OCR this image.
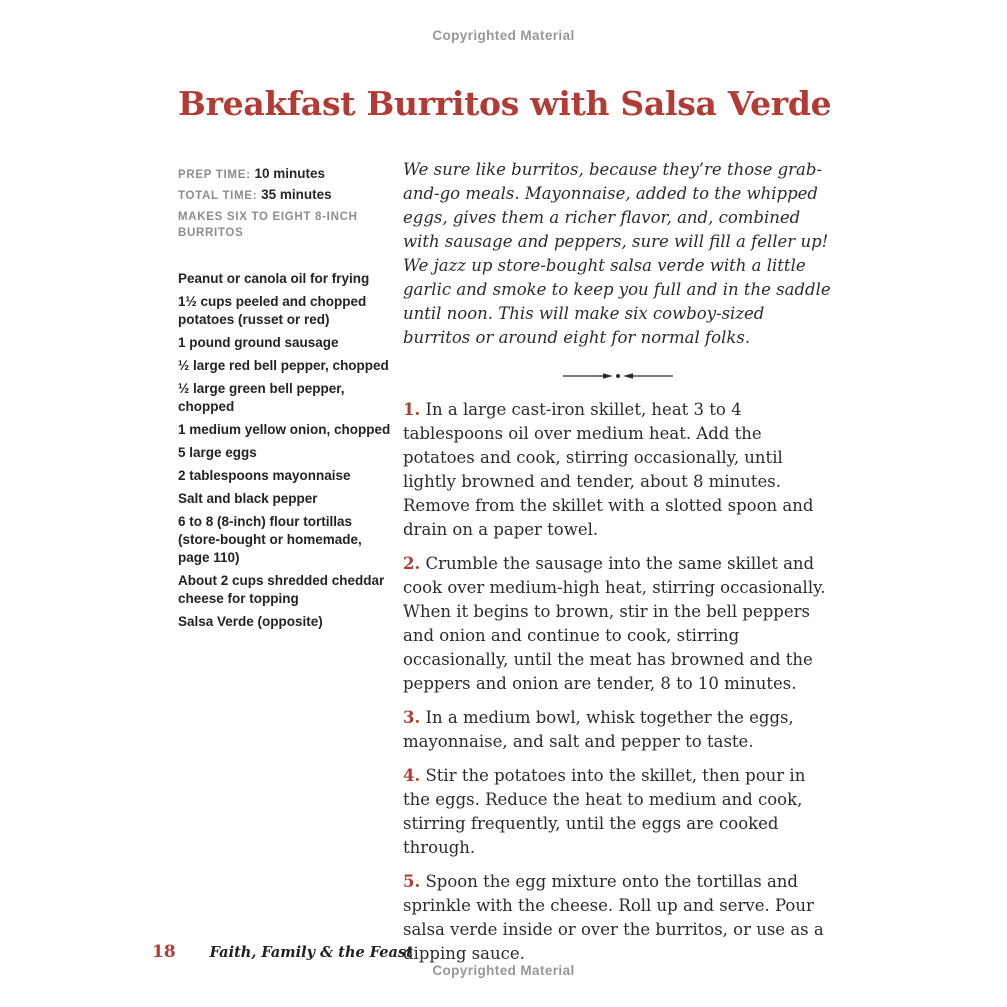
Copyrighted Material
Breakfast Burritos with Salsa Verde
PREP TIME: 10 minutes
TOTAL TIME: 35 minutes
MAKES SIX TO EIGHT 8-INCH BURRITOS
Peanut or canola oil for frying
1½ cups peeled and chopped potatoes (russet or red)
1 pound ground sausage
½ large red bell pepper, chopped
½ large green bell pepper, chopped
1 medium yellow onion, chopped
5 large eggs
2 tablespoons mayonnaise
Salt and black pepper
6 to 8 (8-inch) flour tortillas (store-bought or homemade, page 110)
About 2 cups shredded cheddar cheese for topping
Salsa Verde (opposite)

We sure like burritos, because they’re those grab-and-go meals. Mayonnaise, added to the whipped eggs, gives them a richer flavor, and, combined with sausage and peppers, sure will fill a feller up! We jazz up store-bought salsa verde with a little garlic and smoke to keep you full and in the saddle until noon. This will make six cowboy-sized burritos or around eight for normal folks.

1. In a large cast-iron skillet, heat 3 to 4 tablespoons oil over medium heat. Add the potatoes and cook, stirring occasionally, until lightly browned and tender, about 8 minutes. Remove from the skillet with a slotted spoon and drain on a paper towel.

2. Crumble the sausage into the same skillet and cook over medium-high heat, stirring occasionally. When it begins to brown, stir in the bell peppers and onion and continue to cook, stirring occasionally, until the meat has browned and the peppers and onion are tender, 8 to 10 minutes.

3. In a medium bowl, whisk together the eggs, mayonnaise, and salt and pepper to taste.

4. Stir the potatoes into the skillet, then pour in the eggs. Reduce the heat to medium and cook, stirring frequently, until the eggs are cooked through.

5. Spoon the egg mixture onto the tortillas and sprinkle with the cheese. Roll up and serve. Pour salsa verde inside or over the burritos, or use as a dipping sauce.

18 Faith, Family & the Feast
Copyrighted Material
